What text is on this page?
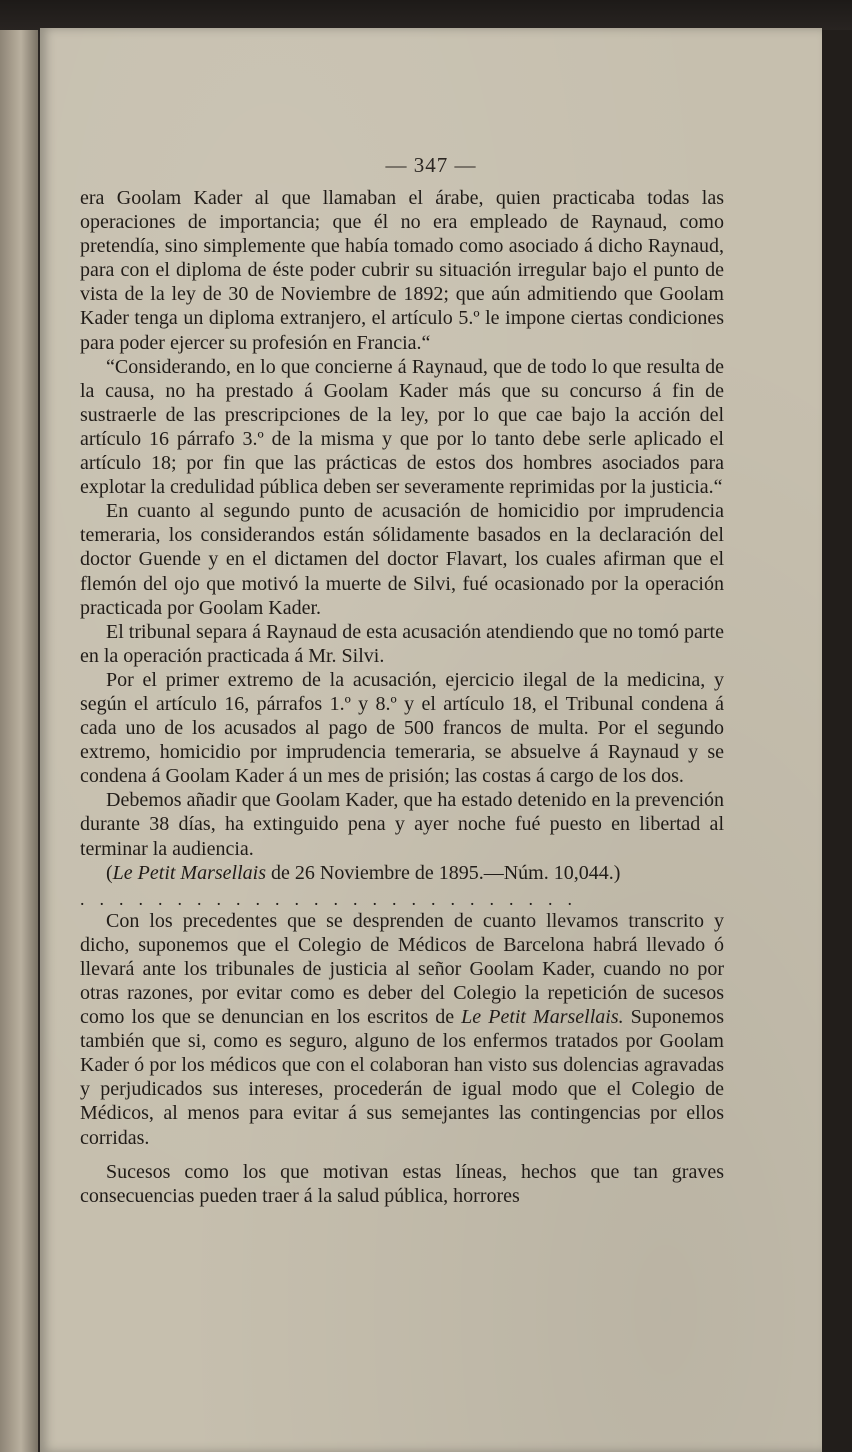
— 347 —

era Goolam Kader al que llamaban el árabe, quien practicaba todas las operaciones de importancia; que él no era empleado de Raynaud, como pretendía, sino simplemente que había tomado como asociado á dicho Raynaud, para con el diploma de éste poder cubrir su situación irregular bajo el punto de vista de la ley de 30 de Noviembre de 1892; que aún admitiendo que Goolam Kader tenga un diploma extranjero, el artículo 5.º le impone ciertas condiciones para poder ejercer su profesión en Francia.“

“Considerando, en lo que concierne á Raynaud, que de todo lo que resulta de la causa, no ha prestado á Goolam Kader más que su concurso á fin de sustraerle de las prescripciones de la ley, por lo que cae bajo la acción del artículo 16 párrafo 3.º de la misma y que por lo tanto debe serle aplicado el artículo 18; por fin que las prácticas de estos dos hombres asociados para explotar la credulidad pública deben ser severamente reprimidas por la justicia.“

En cuanto al segundo punto de acusación de homicidio por imprudencia temeraria, los considerandos están sólidamente basados en la declaración del doctor Guende y en el dictamen del doctor Flavart, los cuales afirman que el flemón del ojo que motivó la muerte de Silvi, fué ocasionado por la operación practicada por Goolam Kader.

El tribunal separa á Raynaud de esta acusación atendiendo que no tomó parte en la operación practicada á Mr. Silvi.

Por el primer extremo de la acusación, ejercicio ilegal de la medicina, y según el artículo 16, párrafos 1.º y 8.º y el artículo 18, el Tribunal condena á cada uno de los acusados al pago de 500 francos de multa. Por el segundo extremo, homicidio por imprudencia temeraria, se absuelve á Raynaud y se condena á Goolam Kader á un mes de prisión; las costas á cargo de los dos.

Debemos añadir que Goolam Kader, que ha estado detenido en la prevención durante 38 días, ha extinguido pena y ayer noche fué puesto en libertad al terminar la audiencia.

(Le Petit Marsellais de 26 Noviembre de 1895.—Núm. 10,044.)

..........................

Con los precedentes que se desprenden de cuanto llevamos transcrito y dicho, suponemos que el Colegio de Médicos de Barcelona habrá llevado ó llevará ante los tribunales de justicia al señor Goolam Kader, cuando no por otras razones, por evitar como es deber del Colegio la repetición de sucesos como los que se denuncian en los escritos de Le Petit Marsellais. Suponemos también que si, como es seguro, alguno de los enfermos tratados por Goolam Kader ó por los médicos que con el colaboran han visto sus dolencias agravadas y perjudicados sus intereses, procederán de igual modo que el Colegio de Médicos, al menos para evitar á sus semejantes las contingencias por ellos corridas.

Sucesos como los que motivan estas líneas, hechos que tan graves consecuencias pueden traer á la salud pública, horrores
